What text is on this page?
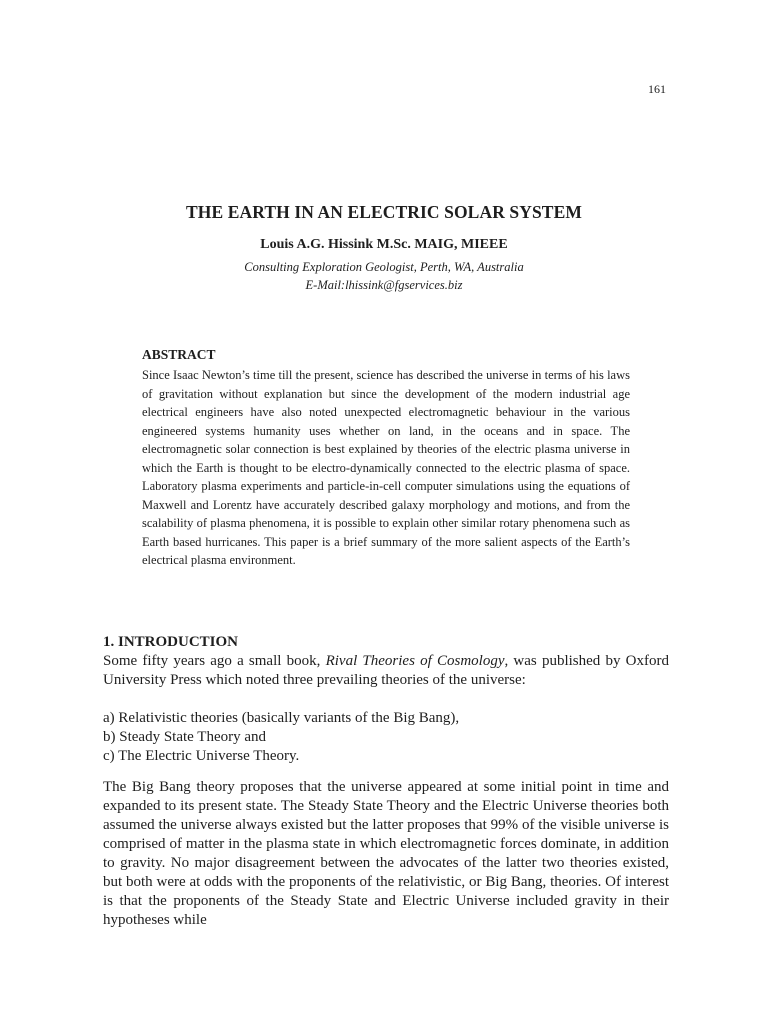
161
THE EARTH IN AN ELECTRIC SOLAR SYSTEM
Louis A.G. Hissink M.Sc. MAIG, MIEEE
Consulting Exploration Geologist, Perth, WA, Australia
E-Mail:lhissink@fgservices.biz
ABSTRACT

Since Isaac Newton’s time till the present, science has described the universe in terms of his laws of gravitation without explanation but since the development of the modern industrial age electrical engineers have also noted unexpected electromagnetic behaviour in the various engineered systems humanity uses whether on land, in the oceans and in space. The electromagnetic solar connection is best explained by theories of the electric plasma universe in which the Earth is thought to be electro-dynamically connected to the electric plasma of space. Laboratory plasma experiments and particle-in-cell computer simulations using the equations of Maxwell and Lorentz have accurately described galaxy morphology and motions, and from the scalability of plasma phenomena, it is possible to explain other similar rotary phenomena such as Earth based hurricanes. This paper is a brief summary of the more salient aspects of the Earth’s electrical plasma environment.

1. INTRODUCTION

Some fifty years ago a small book, Rival Theories of Cosmology, was published by Oxford University Press which noted three prevailing theories of the universe:

a) Relativistic theories (basically variants of the Big Bang),
b) Steady State Theory and
c) The Electric Universe Theory.

The Big Bang theory proposes that the universe appeared at some initial point in time and expanded to its present state. The Steady State Theory and the Electric Universe theories both assumed the universe always existed but the latter proposes that 99% of the visible universe is comprised of matter in the plasma state in which electromagnetic forces dominate, in addition to gravity. No major disagreement between the advocates of the latter two theories existed, but both were at odds with the proponents of the relativistic, or Big Bang, theories. Of interest is that the proponents of the Steady State and Electric Universe included gravity in their hypotheses while
